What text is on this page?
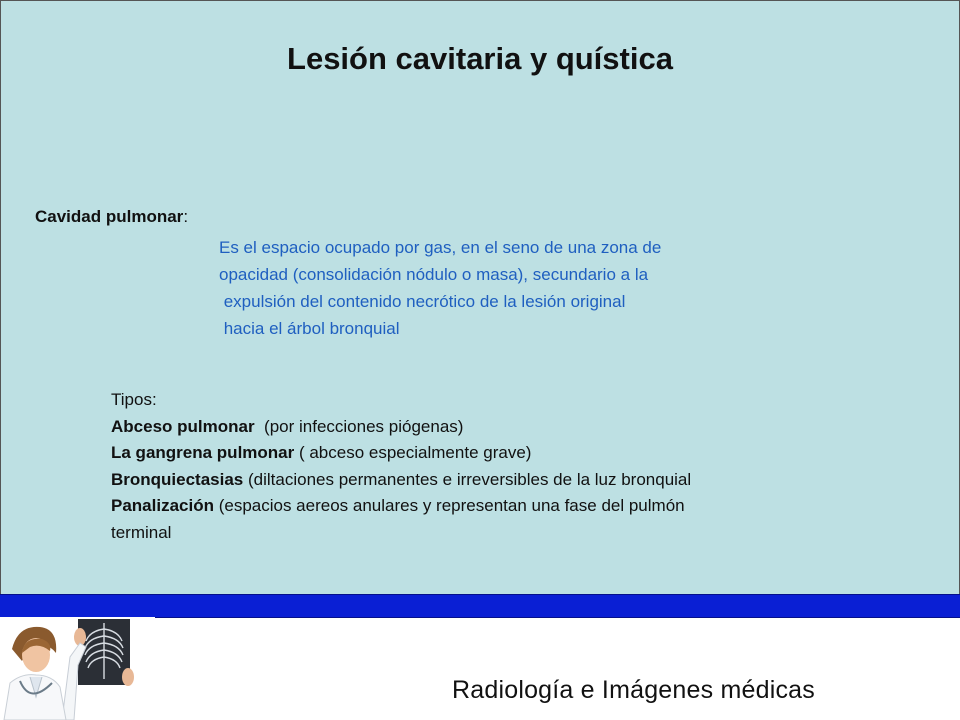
Lesión cavitaria y quística
Cavidad pulmonar:
Es el espacio ocupado por gas, en el seno de una zona de
opacidad (consolidación nódulo o masa), secundario a la
expulsión del contenido necrótico de la lesión original
hacia el árbol bronquial
Tipos:
Abceso pulmonar  (por infecciones piógenas)
La gangrena pulmonar ( abceso especialmente grave)
Bronquiectasias (diltaciones permanentes e irreversibles de la luz bronquial
Panalización (espacios aereos anulares y representan una fase del pulmón
terminal
Radiología e Imágenes médicas
